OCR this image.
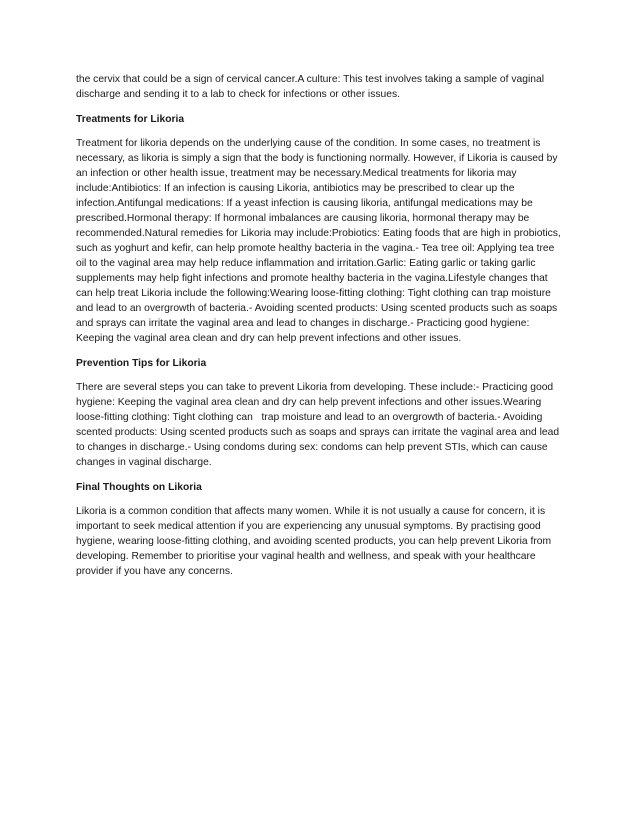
the cervix that could be a sign of cervical cancer.A culture: This test involves taking a sample of vaginal discharge and sending it to a lab to check for infections or other issues.

Treatments for Likoria

Treatment for likoria depends on the underlying cause of the condition. In some cases, no treatment is necessary, as likoria is simply a sign that the body is functioning normally. However, if Likoria is caused by an infection or other health issue, treatment may be necessary.Medical treatments for likoria may include:Antibiotics: If an infection is causing Likoria, antibiotics may be prescribed to clear up the infection.Antifungal medications: If a yeast infection is causing likoria, antifungal medications may be prescribed.Hormonal therapy: If hormonal imbalances are causing likoria, hormonal therapy may be recommended.Natural remedies for Likoria may include:Probiotics: Eating foods that are high in probiotics, such as yoghurt and kefir, can help promote healthy bacteria in the vagina.- Tea tree oil: Applying tea tree oil to the vaginal area may help reduce inflammation and irritation.Garlic: Eating garlic or taking garlic supplements may help fight infections and promote healthy bacteria in the vagina.Lifestyle changes that can help treat Likoria include the following:Wearing loose-fitting clothing: Tight clothing can trap moisture and lead to an overgrowth of bacteria.- Avoiding scented products: Using scented products such as soaps and sprays can irritate the vaginal area and lead to changes in discharge.- Practicing good hygiene: Keeping the vaginal area clean and dry can help prevent infections and other issues.

Prevention Tips for Likoria

There are several steps you can take to prevent Likoria from developing. These include:- Practicing good hygiene: Keeping the vaginal area clean and dry can help prevent infections and other issues.Wearing loose-fitting clothing: Tight clothing can   trap moisture and lead to an overgrowth of bacteria.- Avoiding scented products: Using scented products such as soaps and sprays can irritate the vaginal area and lead to changes in discharge.- Using condoms during sex: condoms can help prevent STIs, which can cause changes in vaginal discharge.

Final Thoughts on Likoria

Likoria is a common condition that affects many women. While it is not usually a cause for concern, it is important to seek medical attention if you are experiencing any unusual symptoms. By practising good hygiene, wearing loose-fitting clothing, and avoiding scented products, you can help prevent Likoria from developing. Remember to prioritise your vaginal health and wellness, and speak with your healthcare provider if you have any concerns.
